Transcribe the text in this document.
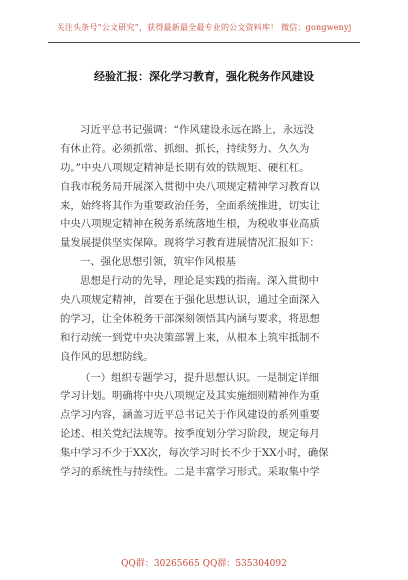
关注头条号“公文研究”，获得最新最全最专业的公文资料库！ 微信：gongwenyj
经验汇报：深化学习教育，强化税务作风建设
习近平总书记强调：“作风建设永远在路上，永远没
有休止符。必须抓常、抓细、抓长，持续努力、久久为
功。”中央八项规定精神是长期有效的铁规矩、硬杠杠。
自我市税务局开展深入贯彻中央八项规定精神学习教育以
来，始终将其作为重要政治任务，全面系统推进，切实让
中央八项规定精神在税务系统落地生根，为税收事业高质
量发展提供坚实保障。现将学习教育进展情况汇报如下：
一、强化思想引领，筑牢作风根基
思想是行动的先导，理论是实践的指南。深入贯彻中
央八项规定精神，首要在于强化思想认识，通过全面深入
的学习，让全体税务干部深刻领悟其内涵与要求，将思想
和行动统一到党中央决策部署上来，从根本上筑牢抵制不
良作风的思想防线。
（一）组织专题学习，提升思想认识。一是制定详细
学习计划。明确将中央八项规定及其实施细则精神作为重
点学习内容，涵盖习近平总书记关于作风建设的系列重要
论述、相关党纪法规等。按季度划分学习阶段，规定每月
集中学习不少于XX次，每次学习时长不少于XX小时，确保
学习的系统性与持续性。二是丰富学习形式。采取集中学
QQ群：30265665 QQ群：535304092
